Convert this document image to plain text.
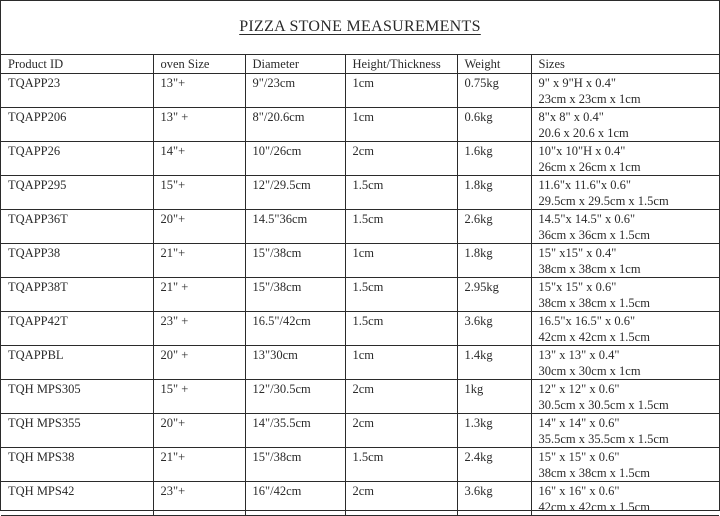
PIZZA STONE MEASUREMENTS
Product ID	oven Size	Diameter	Height/Thickness	Weight	Sizes

TQAPP23	13"+	9"/23cm	1cm	0.75kg	9" x 9"H x 0.4"
23cm x 23cm x 1cm

TQAPP206	13" +	8"/20.6cm	1cm	0.6kg	8"x 8" x 0.4"
20.6 x 20.6 x 1cm

TQAPP26	14"+	10"/26cm	2cm	1.6kg	10"x 10"H x 0.4"
26cm x 26cm x 1cm

TQAPP295	15"+	12"/29.5cm	1.5cm	1.8kg	11.6"x 11.6"x 0.6"
29.5cm x 29.5cm x 1.5cm

TQAPP36T	20"+	14.5"36cm	1.5cm	2.6kg	14.5"x 14.5" x 0.6"
36cm x 36cm x 1.5cm

TQAPP38	21"+	15"/38cm	1cm	1.8kg	15" x15" x 0.4"
38cm x 38cm x 1cm

TQAPP38T	21" +	15"/38cm	1.5cm	2.95kg	15"x 15" x 0.6"
38cm x 38cm x 1.5cm

TQAPP42T	23" +	16.5"/42cm	1.5cm	3.6kg	16.5"x 16.5" x 0.6"
42cm x 42cm x 1.5cm

TQAPPBL	20" +	13"30cm	1cm	1.4kg	13" x 13" x 0.4"
30cm x 30cm x 1cm

TQH MPS305	15" +	12"/30.5cm	2cm	1kg	12" x 12" x 0.6"
30.5cm x 30.5cm x 1.5cm

TQH MPS355	20"+	14"/35.5cm	2cm	1.3kg	14" x 14" x 0.6"
35.5cm x 35.5cm x 1.5cm

TQH MPS38	21"+	15"/38cm	1.5cm	2.4kg	15" x 15" x 0.6"
38cm x 38cm x 1.5cm

TQH MPS42	23"+	16"/42cm	2cm	3.6kg	16" x 16" x 0.6"
42cm x 42cm x 1.5cm
